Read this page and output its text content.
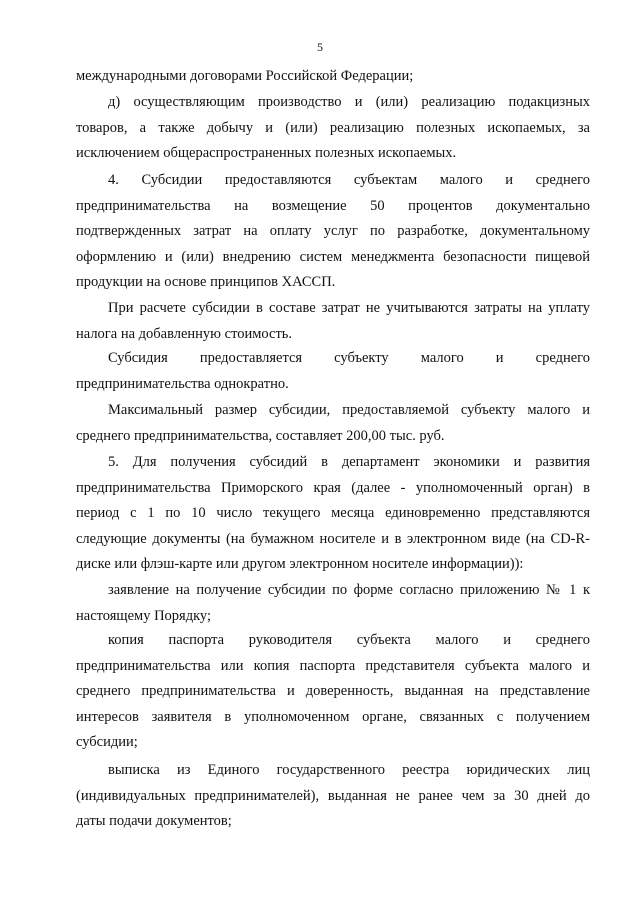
5
международными договорами Российской Федерации;
д) осуществляющим производство и (или) реализацию подакцизных
товаров, а также добычу и (или) реализацию полезных ископаемых, за
исключением общераспространенных полезных ископаемых.
4. Субсидии предоставляются субъектам малого и среднего
предпринимательства на возмещение 50 процентов документально
подтвержденных затрат на оплату услуг по разработке, документальному
оформлению и (или) внедрению систем менеджмента безопасности пищевой
продукции на основе принципов ХАССП.
При расчете субсидии в составе затрат не учитываются затраты на уплату
налога на добавленную стоимость.
Субсидия предоставляется субъекту малого и среднего
предпринимательства однократно.
Максимальный размер субсидии, предоставляемой субъекту малого и
среднего предпринимательства, составляет 200,00 тыс. руб.
5. Для получения субсидий в департамент экономики и развития
предпринимательства Приморского края (далее - уполномоченный орган) в
период с 1 по 10 число текущего месяца единовременно представляются
следующие документы (на бумажном носителе и в электронном виде (на CD-R-
диске или флэш-карте или другом электронном носителе информации)):
заявление на получение субсидии по форме согласно приложению № 1 к
настоящему Порядку;
копия паспорта руководителя субъекта малого и среднего
предпринимательства или копия паспорта представителя субъекта малого и
среднего предпринимательства и доверенность, выданная на представление
интересов заявителя в уполномоченном органе, связанных с получением
субсидии;
выписка из Единого государственного реестра юридических лиц
(индивидуальных предпринимателей), выданная не ранее чем за 30 дней до
даты подачи документов;
